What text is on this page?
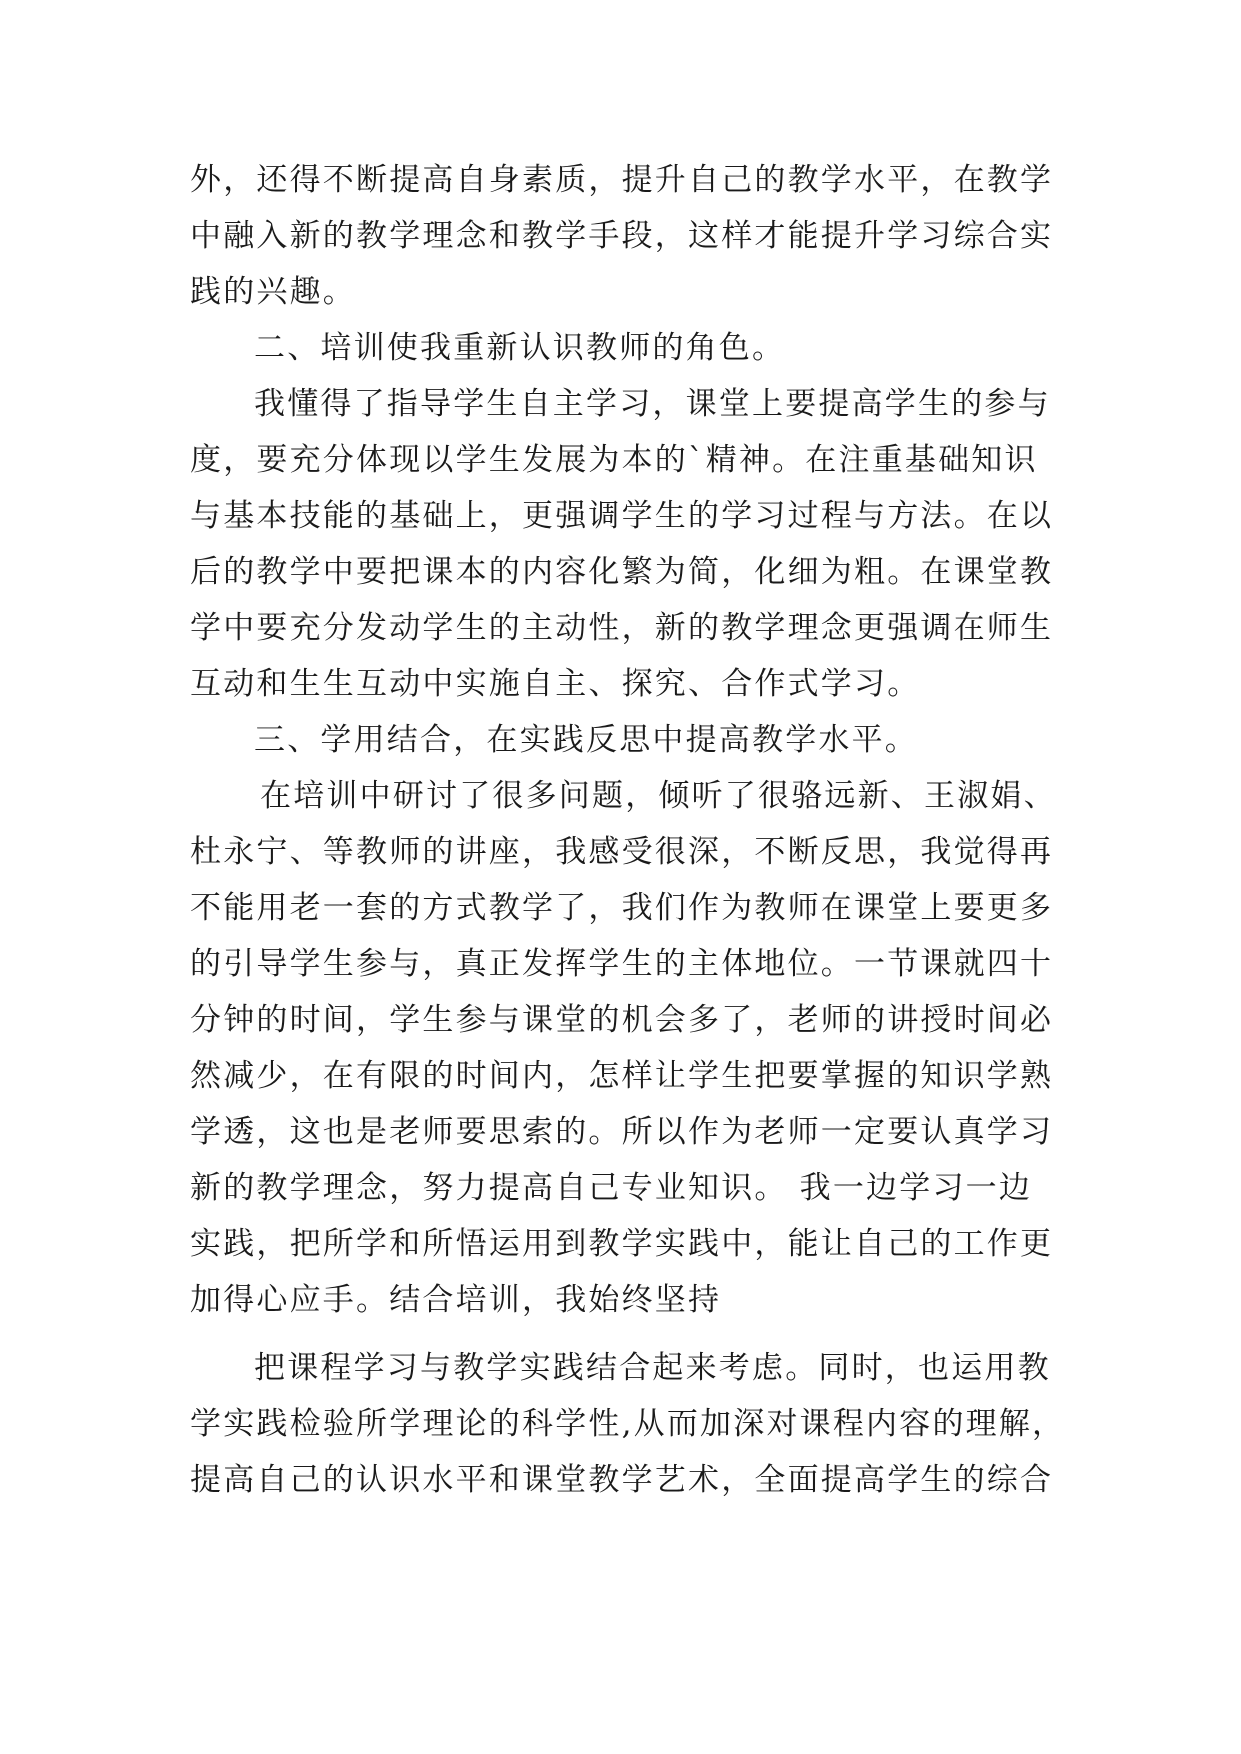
外，还得不断提高自身素质，提升自己的教学水平，在教学
中融入新的教学理念和教学手段，这样才能提升学习综合实
践的兴趣。
二、培训使我重新认识教师的角色。
我懂得了指导学生自主学习，课堂上要提高学生的参与
度，要充分体现以学生发展为本的`精神。在注重基础知识
与基本技能的基础上，更强调学生的学习过程与方法。在以
后的教学中要把课本的内容化繁为简，化细为粗。在课堂教
学中要充分发动学生的主动性，新的教学理念更强调在师生
互动和生生互动中实施自主、探究、合作式学习。
三、学用结合，在实践反思中提高教学水平。
在培训中研讨了很多问题，倾听了很骆远新、王淑娟、
杜永宁、等教师的讲座，我感受很深，不断反思，我觉得再
不能用老一套的方式教学了，我们作为教师在课堂上要更多
的引导学生参与，真正发挥学生的主体地位。一节课就四十
分钟的时间，学生参与课堂的机会多了，老师的讲授时间必
然减少，在有限的时间内，怎样让学生把要掌握的知识学熟
学透，这也是老师要思索的。所以作为老师一定要认真学习
新的教学理念，努力提高自己专业知识。 我一边学习一边
实践，把所学和所悟运用到教学实践中，能让自己的工作更
加得心应手。结合培训，我始终坚持
把课程学习与教学实践结合起来考虑。同时，也运用教
学实践检验所学理论的科学性,从而加深对课程内容的理解，
提高自己的认识水平和课堂教学艺术，全面提高学生的综合
